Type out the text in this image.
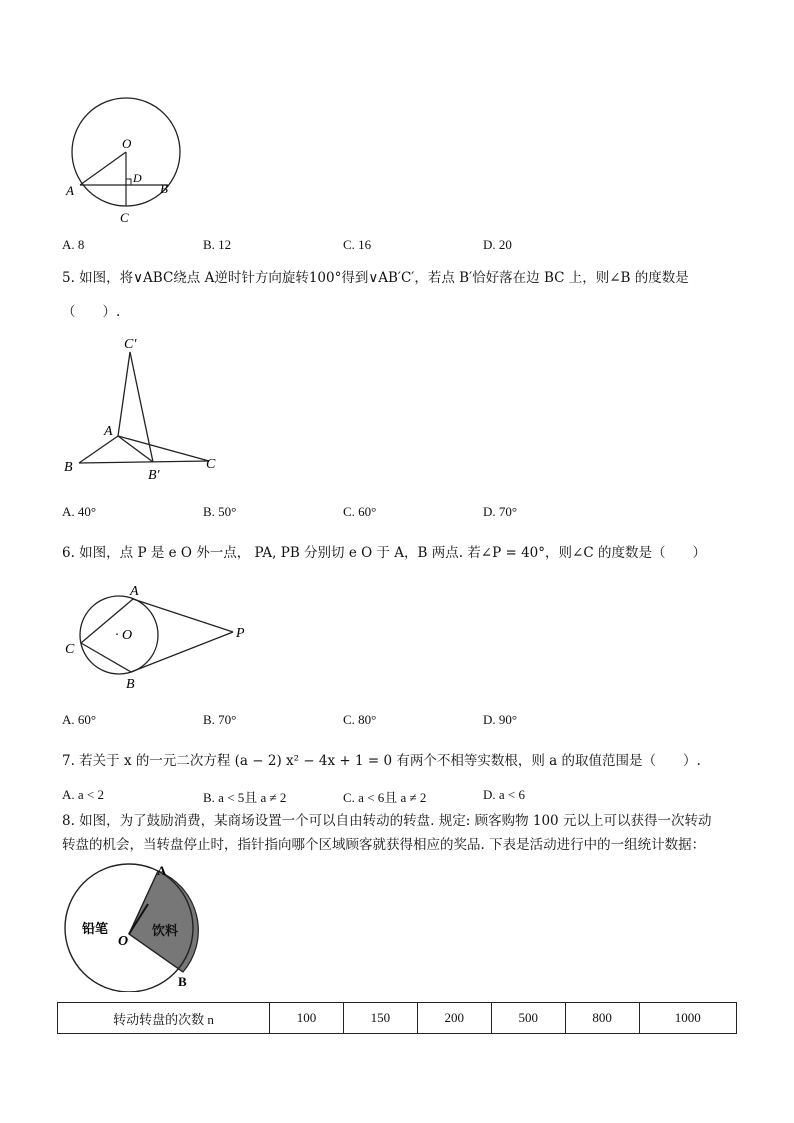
O
A	B
C
D
A. 8	B. 12	C. 16	D. 20
5. 如图，将∨ABC绕点 A逆时针方向旋转100°得到∨AB′C′，若点 B′恰好落在边 BC 上，则∠B 的度数是
（　　）.
C′
A
B
B′
C
A. 40°	B. 50°	C. 60°	D. 70°
6. 如图，点 P 是 e O 外一点， PA, PB 分别切 e O 于 A，B 两点. 若∠P = 40°，则∠C 的度数是（　　）
A
B
C
· O	P
A. 60°	B. 70°	C. 80°	D. 90°
7. 若关于 x 的一元二次方程 (a − 2) x² − 4x + 1 = 0 有两个不相等实数根，则 a 的取值范围是（　　）.
A. a < 2	B. a < 5且 a ≠ 2	C. a < 6且 a ≠ 2	D. a < 6
8. 如图，为了鼓励消费，某商场设置一个可以自由转动的转盘. 规定: 顾客购物 100 元以上可以获得一次转动
转盘的机会，当转盘停止时，指针指向哪个区域顾客就获得相应的奖品. 下表是活动进行中的一组统计数据：
铅笔	饮料
O
A
B
转动转盘的次数 n	100	150	200	500	800	1000
